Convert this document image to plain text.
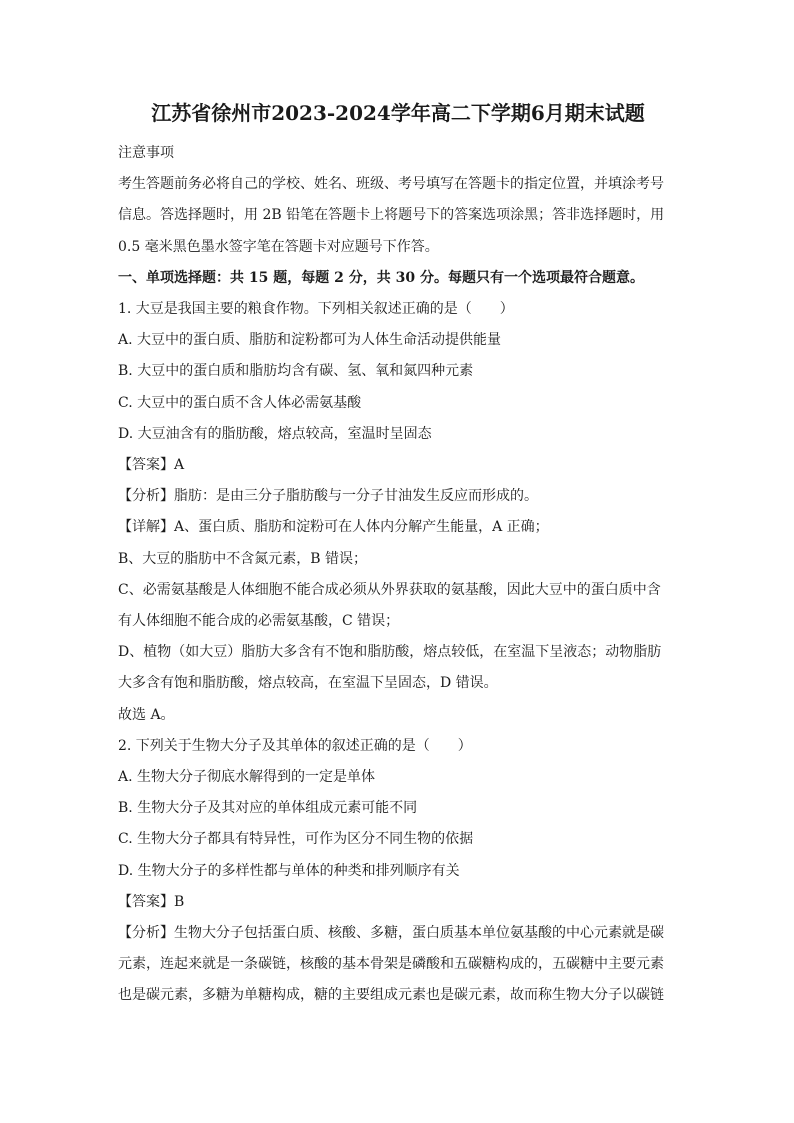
江苏省徐州市2023-2024学年高二下学期6月期末试题
注意事项
考生答题前务必将自己的学校、姓名、班级、考号填写在答题卡的指定位置，并填涂考号
信息。答选择题时，用 2B 铅笔在答题卡上将题号下的答案选项涂黑；答非选择题时，用
0.5 毫米黑色墨水签字笔在答题卡对应题号下作答。
一、单项选择题：共 15 题，每题 2 分，共 30 分。每题只有一个选项最符合题意。
1. 大豆是我国主要的粮食作物。下列相关叙述正确的是（　　）
A. 大豆中的蛋白质、脂肪和淀粉都可为人体生命活动提供能量
B. 大豆中的蛋白质和脂肪均含有碳、氢、氧和氮四种元素
C. 大豆中的蛋白质不含人体必需氨基酸
D. 大豆油含有的脂肪酸，熔点较高，室温时呈固态
【答案】A
【分析】脂肪：是由三分子脂肪酸与一分子甘油发生反应而形成的。
【详解】A、蛋白质、脂肪和淀粉可在人体内分解产生能量，A 正确；
B、大豆的脂肪中不含氮元素，B 错误；
C、必需氨基酸是人体细胞不能合成必须从外界获取的氨基酸，因此大豆中的蛋白质中含
有人体细胞不能合成的必需氨基酸，C 错误；
D、植物（如大豆）脂肪大多含有不饱和脂肪酸，熔点较低，在室温下呈液态；动物脂肪
大多含有饱和脂肪酸，熔点较高，在室温下呈固态，D 错误。
故选 A。
2. 下列关于生物大分子及其单体的叙述正确的是（　　）
A. 生物大分子彻底水解得到的一定是单体
B. 生物大分子及其对应的单体组成元素可能不同
C. 生物大分子都具有特异性，可作为区分不同生物的依据
D. 生物大分子的多样性都与单体的种类和排列顺序有关
【答案】B
【分析】生物大分子包括蛋白质、核酸、多糖，蛋白质基本单位氨基酸的中心元素就是碳
元素，连起来就是一条碳链，核酸的基本骨架是磷酸和五碳糖构成的，五碳糖中主要元素
也是碳元素，多糖为单糖构成，糖的主要组成元素也是碳元素，故而称生物大分子以碳链
